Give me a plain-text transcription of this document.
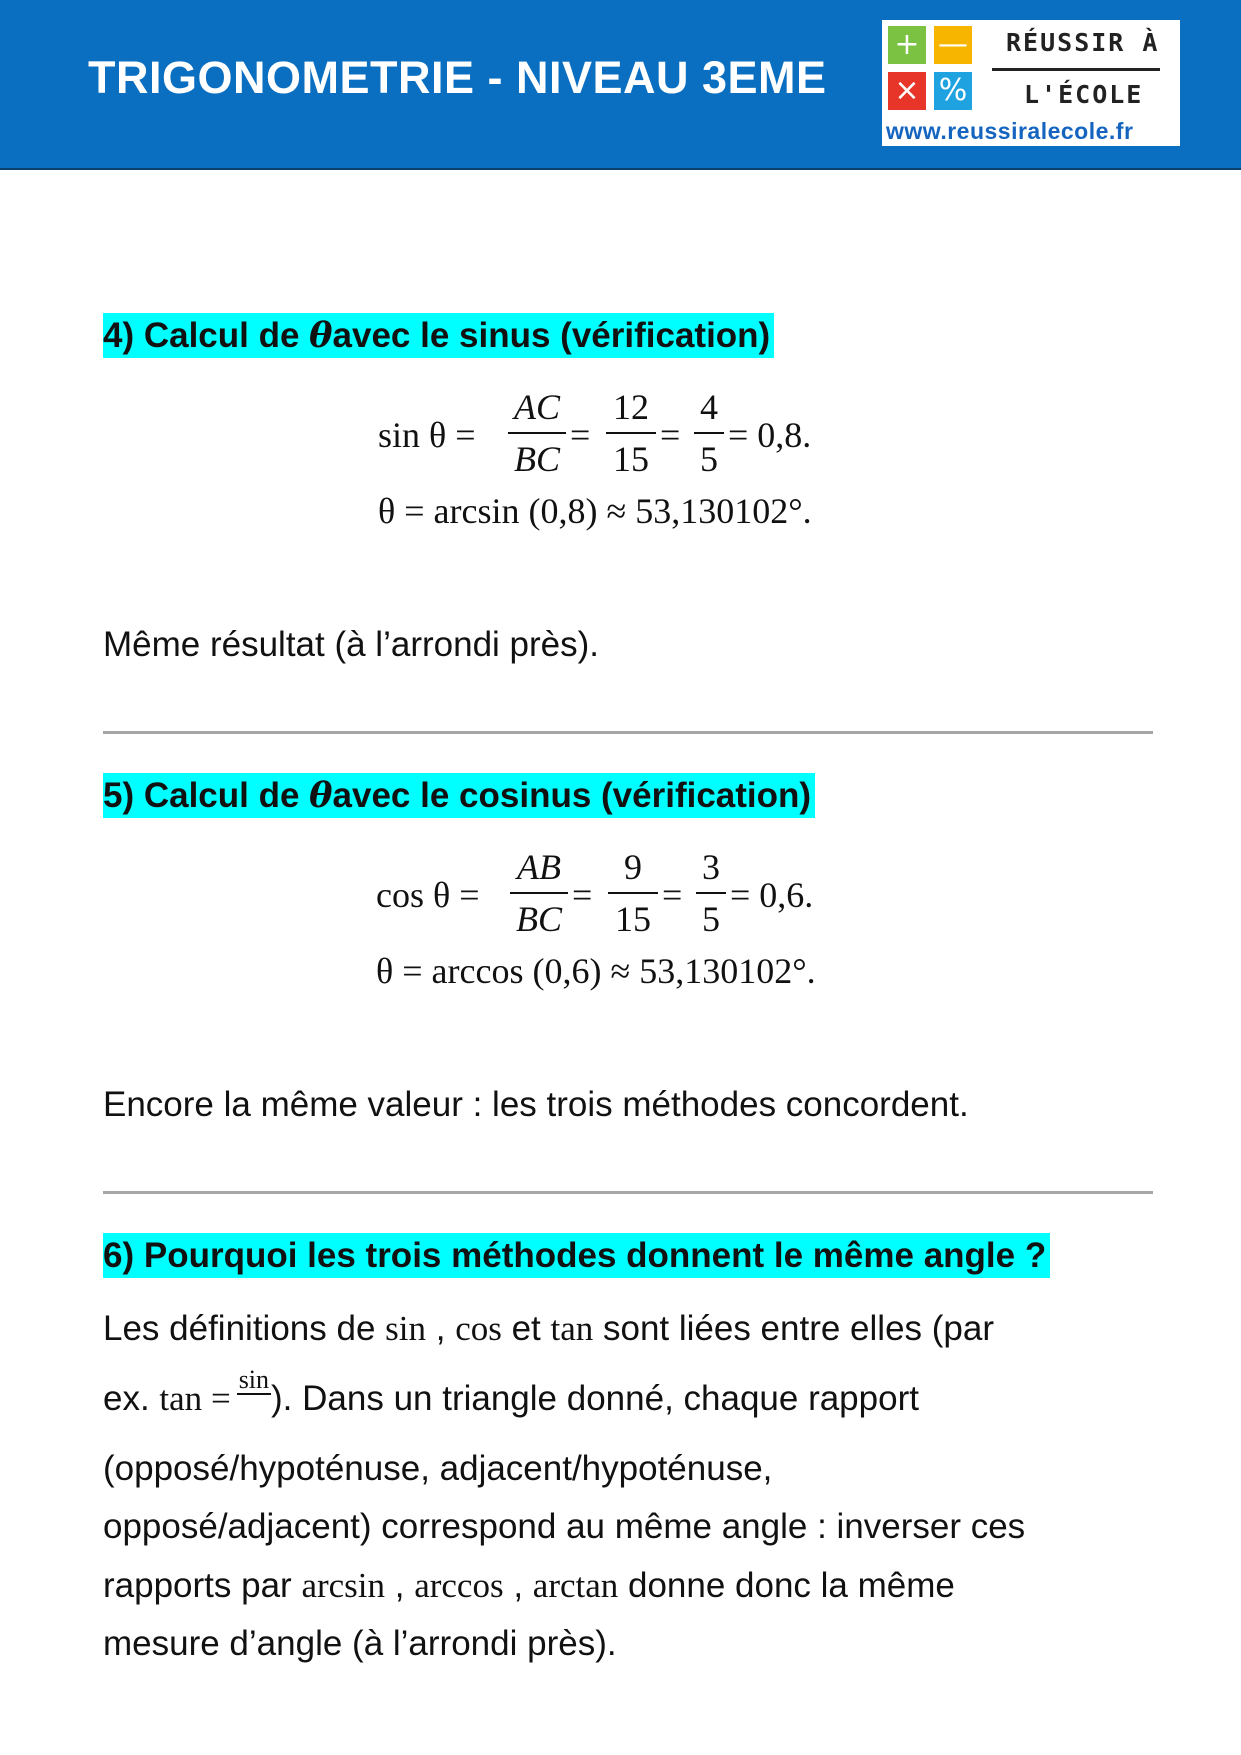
TRIGONOMETRIE - NIVEAU 3EME
+ —
× %
RÉUSSIR À
L'ÉCOLE
www.reussiralecole.fr
4) Calcul de θavec le sinus (vérification)
$\sin \theta = \frac{AC}{BC} = \frac{12}{15} = \frac{4}{5} = 0,8$.
θ = arcsin (0,8) ≈ 53,130102°.
Même résultat (à l’arrondi près).
5) Calcul de θavec le cosinus (vérification)
$\cos \theta = \frac{AB}{BC} = \frac{9}{15} = \frac{3}{5} = 0,6$.
θ = arccos (0,6) ≈ 53,130102°.
Encore la même valeur : les trois méthodes concordent.
6) Pourquoi les trois méthodes donnent le même angle ?
Les définitions de sin , cos et tan sont liées entre elles (par
ex. tan = sin). Dans un triangle donné, chaque rapport
(opposé/hypoténuse, adjacent/hypoténuse,
opposé/adjacent) correspond au même angle : inverser ces
rapports par arcsin , arccos , arctan donne donc la même
mesure d’angle (à l’arrondi près).
